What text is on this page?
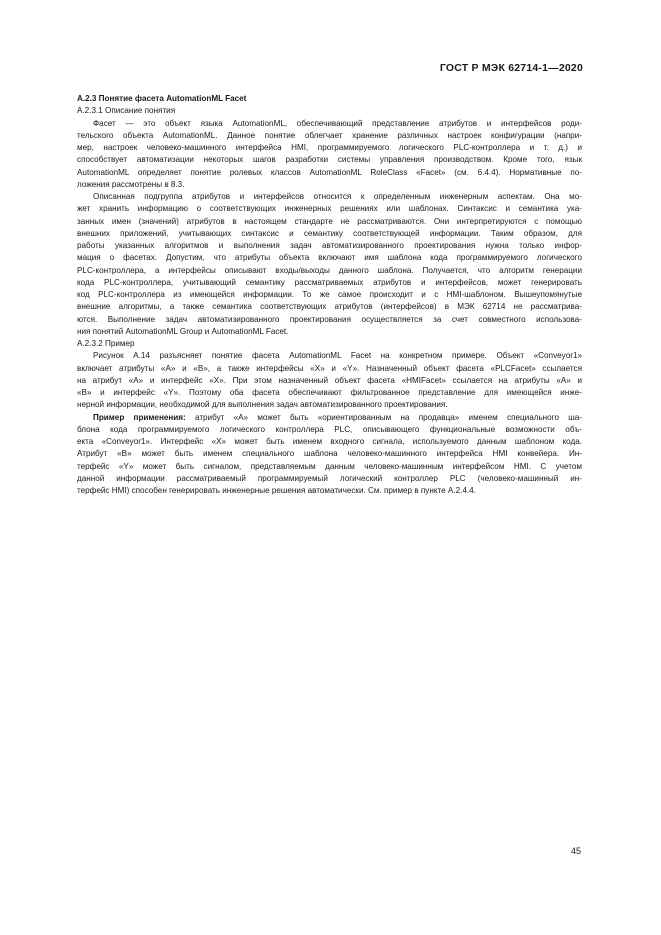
ГОСТ Р МЭК 62714-1—2020
A.2.3 Понятие фасета AutomationML Facet
А.2.3.1 Описание понятия
Фасет — это объект языка AutomationML, обеспечивающий представление атрибутов и интерфейсов роди-
тельского объекта AutomationML. Данное понятие облегчает хранение различных настроек конфигурации (напри-
мер, настроек человеко-машинного интерфейса HMI, программируемого логического PLC-контроллера и т. д.) и
способствует автоматизации некоторых шагов разработки системы управления производством. Кроме того, язык
AutomationML определяет понятие ролевых классов AutomationML RoleClass «Facet» (см. 6.4.4). Нормативные по-
ложения рассмотрены в 8.3.
Описанная подгруппа атрибутов и интерфейсов относится к определенным инженерным аспектам. Она мо-
жет хранить информацию о соответствующих инженерных решениях или шаблонах. Синтаксис и семантика ука-
занных имен (значений) атрибутов в настоящем стандарте не рассматриваются. Они интерпретируются с помощью
внешних приложений, учитывающих синтаксис и семантику соответствующей информации. Таким образом, для
работы указанных алгоритмов и выполнения задач автоматизированного проектирования нужна только инфор-
мация о фасетах. Допустим, что атрибуты объекта включают имя шаблона кода программируемого логического
PLC-контроллера, а интерфейсы описывают входы/выходы данного шаблона. Получается, что алгоритм генерации
кода PLC-контроллера, учитывающий семантику рассматриваемых атрибутов и интерфейсов, может генерировать
код PLC-контроллера из имеющейся информации. То же самое происходит и с HMI-шаблоном. Вышеупомянутые
внешние алгоритмы, а также семантика соответствующих атрибутов (интерфейсов) в МЭК 62714 не рассматрива-
ются. Выполнение задач автоматизированного проектирования осуществляется за счет совместного использова-
ния понятий AutomationML Group и AutomationML Facet.
А.2.3.2 Пример
Рисунок А.14 разъясняет понятие фасета AutomationML Facet на конкретном примере. Объект «Conveyor1»
включает атрибуты «A» и «B», а также интерфейсы «X» и «Y». Назначенный объект фасета «PLCFacet» ссылается
на атрибут «A» и интерфейс «X». При этом назначенный объект фасета «HMIFacet» ссылается на атрибуты «A» и
«B» и интерфейс «Y». Поэтому оба фасета обеспечивают фильтрованное представление для имеющейся инже-
нерной информации, необходимой для выполнения задач автоматизированного проектирования.
Пример применения: атрибут «A» может быть «ориентированным на продавца» именем специального ша-
блона кода программируемого логического контроллера PLC, описывающего функциональные возможности объ-
екта «Conveyor1». Интерфейс «X» может быть именем входного сигнала, используемого данным шаблоном кода.
Атрибут «B» может быть именем специального шаблона человеко-машинного интерфейса HMI конвейера. Ин-
терфейс «Y» может быть сигналом, представляемым данным человеко-машинным интерфейсом HMI. С учетом
данной информации рассматриваемый программируемый логический контроллер PLC (человеко-машинный ин-
терфейс HMI) способен генерировать инженерные решения автоматически. См. пример в пункте А.2.4.4.
45
